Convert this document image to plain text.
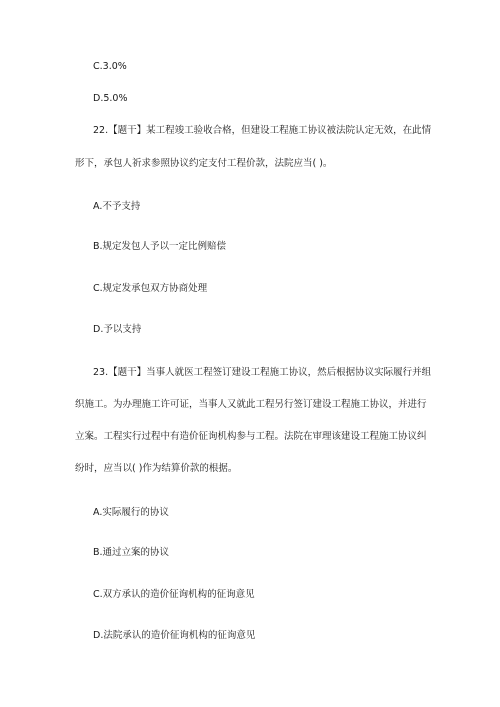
C.3.0%
D.5.0%
22.【题干】某工程竣工验收合格，但建设工程施工协议被法院认定无效，在此情
形下，承包人祈求参照协议约定支付工程价款，法院应当( )。
A.不予支持
B.规定发包人予以一定比例赔偿
C.规定发承包双方协商处理
D.予以支持
23.【题干】当事人就医工程签订建设工程施工协议，然后根据协议实际履行并组
织施工。为办理施工许可证，当事人又就此工程另行签订建设工程施工协议，并进行
立案。工程实行过程中有造价征询机构参与工程。法院在审理该建设工程施工协议纠
纷时，应当以( )作为结算价款的根据。
A.实际履行的协议
B.通过立案的协议
C.双方承认的造价征询机构的征询意见
D.法院承认的造价征询机构的征询意见
